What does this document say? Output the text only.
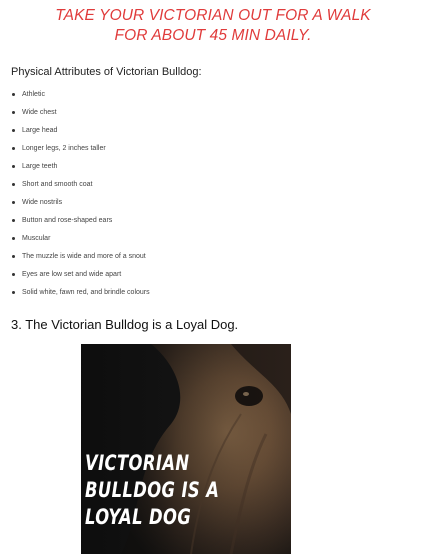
TAKE YOUR VICTORIAN OUT FOR A WALK
FOR ABOUT 45 MIN DAILY.
Physical Attributes of Victorian Bulldog:
Athletic
Wide chest
Large head
Longer legs, 2 inches taller
Large teeth
Short and smooth coat
Wide nostrils
Button and rose-shaped ears
Muscular
The muzzle is wide and more of a snout
Eyes are low set and wide apart
Solid white, fawn red, and brindle colours
3. The Victorian Bulldog is a Loyal Dog.
VICTORIAN
BULLDOG IS A
LOYAL DOG
